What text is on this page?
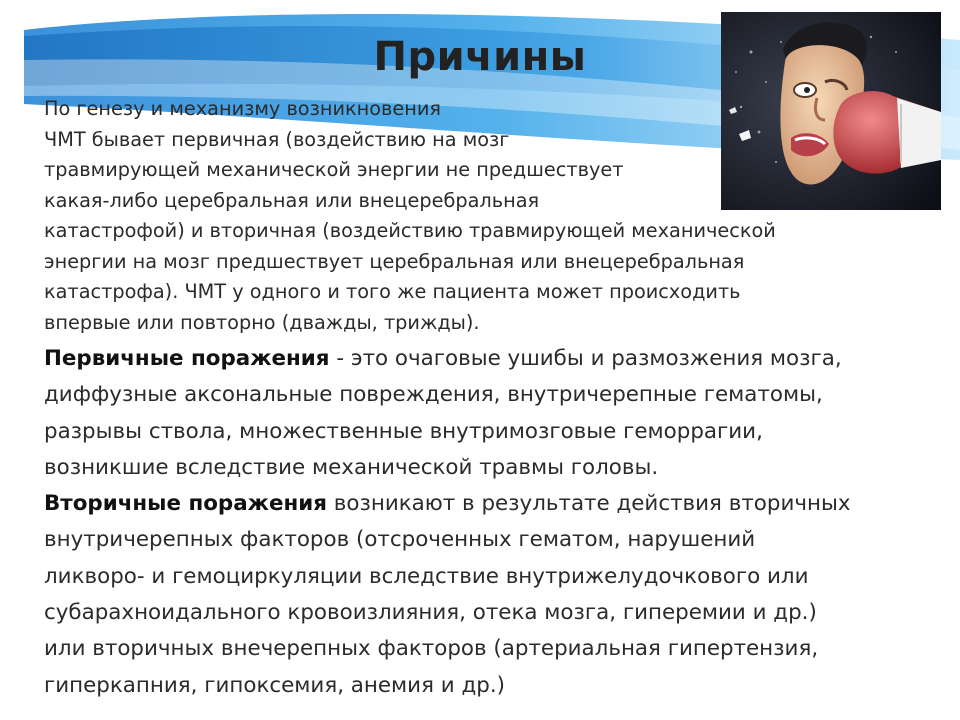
Причины

По генезу и механизму возникновения
ЧМТ бывает первичная (воздействию на мозг
травмирующей механической энергии не предшествует
какая-либо церебральная или внецеребральная
катастрофой) и вторичная (воздействию травмирующей механической
энергии на мозг предшествует церебральная или внецеребральная
катастрофа). ЧМТ у одного и того же пациента может происходить
впервые или повторно (дважды, трижды).

Первичные поражения - это очаговые ушибы и размозжения мозга,
диффузные аксональные повреждения, внутричерепные гематомы,
разрывы ствола, множественные внутримозговые геморрагии,
возникшие вследствие механической травмы головы.

Вторичные поражения возникают в результате действия вторичных
внутричерепных факторов (отсроченных гематом, нарушений
ликворо- и гемоциркуляции вследствие внутрижелудочкового или
субарахноидального кровоизлияния, отека мозга, гиперемии и др.)
или вторичных внечерепных факторов (артериальная гипертензия,
гиперкапния, гипоксемия, анемия и др.)
